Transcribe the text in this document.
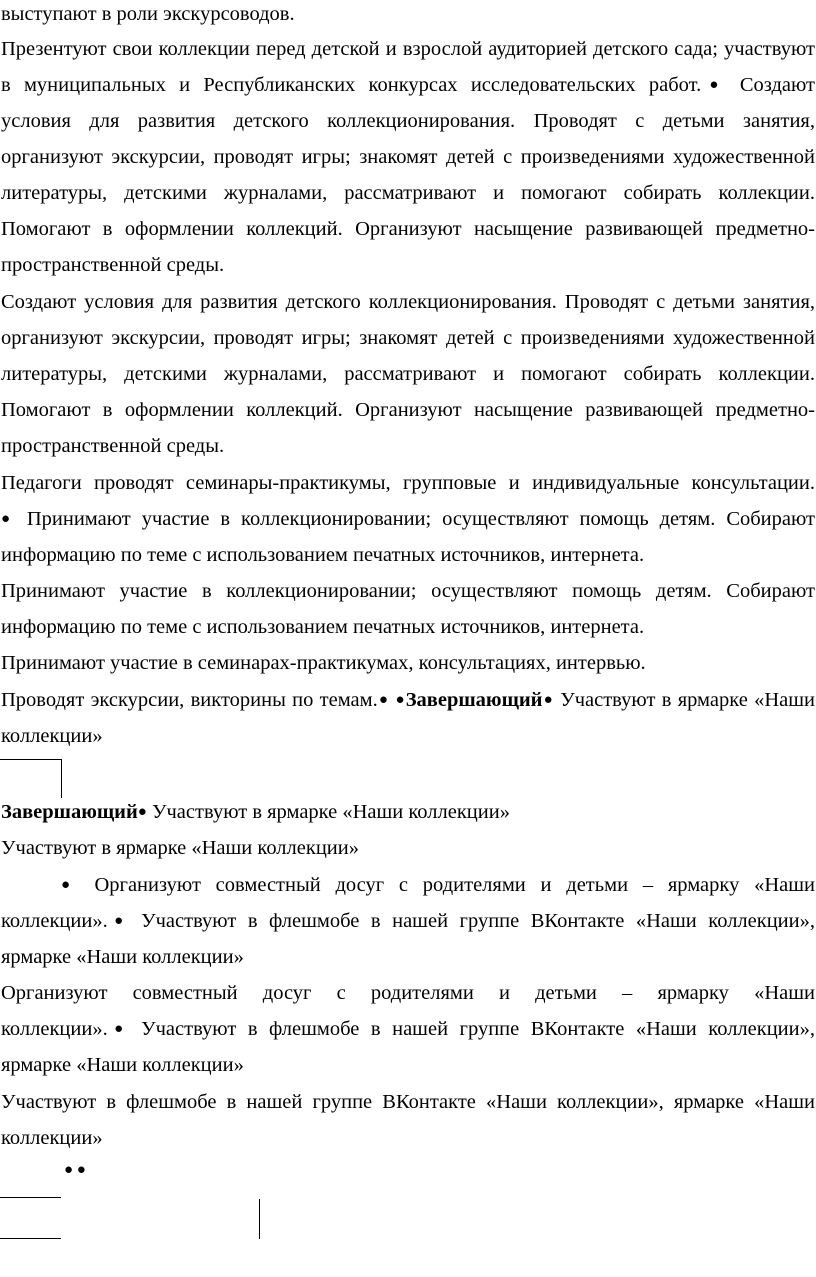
выступают в роли экскурсоводов.
Презентуют свои коллекции перед детской и взрослой аудиторией детского сада; участвуют
в муниципальных и Республиканских конкурсах исследовательских работ.● Создают
условия для развития детского коллекционирования. Проводят с детьми занятия,
организуют экскурсии, проводят игры; знакомят детей с произведениями художественной
литературы, детскими журналами, рассматривают и помогают собирать коллекции.
Помогают в оформлении коллекций. Организуют насыщение развивающей предметно-
пространственной среды.
Создают условия для развития детского коллекционирования. Проводят с детьми занятия,
организуют экскурсии, проводят игры; знакомят детей с произведениями художественной
литературы, детскими журналами, рассматривают и помогают собирать коллекции.
Помогают в оформлении коллекций. Организуют насыщение развивающей предметно-
пространственной среды.
Педагоги проводят семинары-практикумы, групповые и индивидуальные консультации.
● Принимают участие в коллекционировании; осуществляют помощь детям. Собирают
информацию по теме с использованием печатных источников, интернета.
Принимают участие в коллекционировании; осуществляют помощь детям. Собирают
информацию по теме с использованием печатных источников, интернета.
Принимают участие в семинарах-практикумах, консультациях, интервью.
Проводят экскурсии, викторины по темам.● ●Завершающий● Участвуют в ярмарке «Наши
коллекции»
Завершающий● Участвуют в ярмарке «Наши коллекции»
Участвуют в ярмарке «Наши коллекции»
● Организуют совместный досуг с родителями и детьми – ярмарку «Наши
коллекции».● Участвуют в флешмобе в нашей группе ВКонтакте «Наши коллекции»,
ярмарке «Наши коллекции»
Организуют совместный досуг с родителями и детьми – ярмарку «Наши
коллекции».● Участвуют в флешмобе в нашей группе ВКонтакте «Наши коллекции»,
ярмарке «Наши коллекции»
Участвуют в флешмобе в нашей группе ВКонтакте «Наши коллекции», ярмарке «Наши
коллекции»
● ●
